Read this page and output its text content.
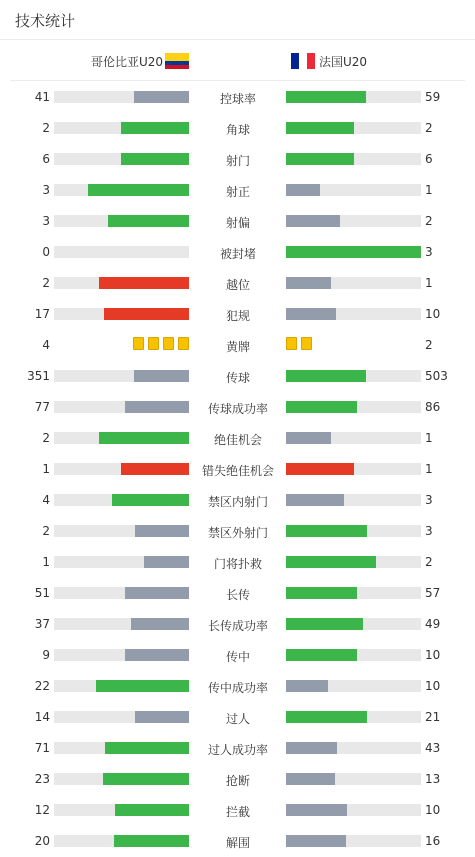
技术统计
哥伦比亚U20	法国U20
41	控球率	59
2	角球	2
6	射门	6
3	射正	1
3	射偏	2
0	被封堵	3
2	越位	1
17	犯规	10
4	黄牌	2
351	传球	503
77	传球成功率	86
2	绝佳机会	1
1	错失绝佳机会	1
4	禁区内射门	3
2	禁区外射门	3
1	门将扑救	2
51	长传	57
37	长传成功率	49
9	传中	10
22	传中成功率	10
14	过人	21
71	过人成功率	43
23	抢断	13
12	拦截	10
20	解围	16
